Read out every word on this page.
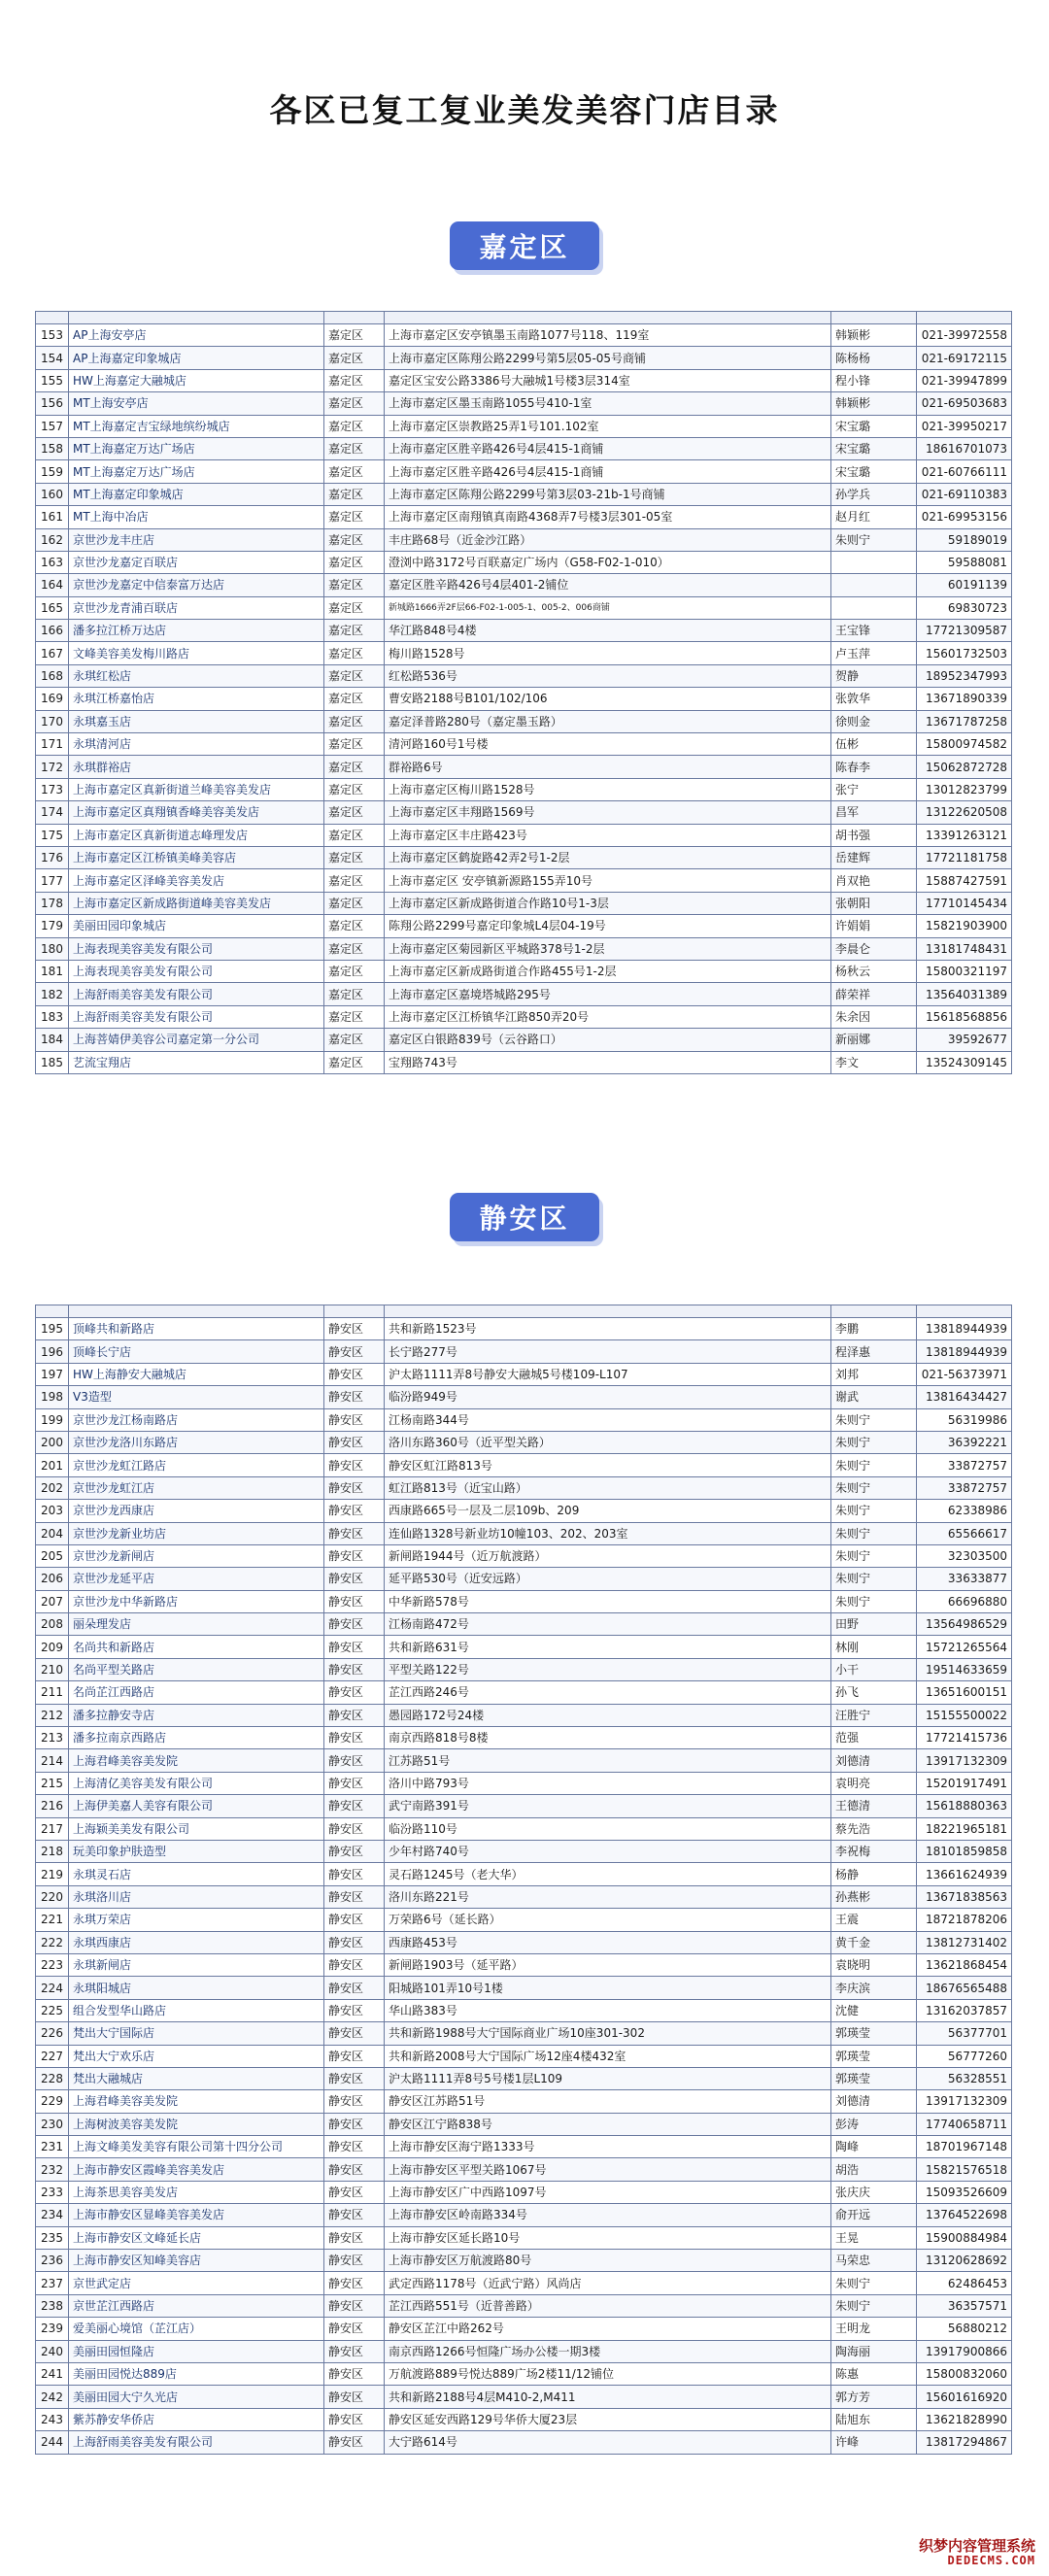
各区已复工复业美发美容门店目录
嘉定区

153	AP上海安亭店	嘉定区	上海市嘉定区安亭镇墨玉南路1077号118、119室	韩颖彬	021-39972558
154	AP上海嘉定印象城店	嘉定区	上海市嘉定区陈翔公路2299号第5层05-05号商铺	陈杨杨	021-69172115
155	HW上海嘉定大融城店	嘉定区	嘉定区宝安公路3386号大融城1号楼3层314室	程小锋	021-39947899
156	MT上海安亭店	嘉定区	上海市嘉定区墨玉南路1055号410-1室	韩颖彬	021-69503683
157	MT上海嘉定吉宝绿地缤纷城店	嘉定区	上海市嘉定区崇教路25弄1号101.102室	宋宝璐	021-39950217
158	MT上海嘉定万达广场店	嘉定区	上海市嘉定区胜辛路426号4层415-1商铺	宋宝璐	18616701073
159	MT上海嘉定万达广场店	嘉定区	上海市嘉定区胜辛路426号4层415-1商铺	宋宝璐	021-60766111
160	MT上海嘉定印象城店	嘉定区	上海市嘉定区陈翔公路2299号第3层03-21b-1号商铺	孙学兵	021-69110383
161	MT上海中冶店	嘉定区	上海市嘉定区南翔镇真南路4368弄7号楼3层301-05室	赵月红	021-69953156
162	京世沙龙丰庄店	嘉定区	丰庄路68号（近金沙江路）	朱则宁	59189019
163	京世沙龙嘉定百联店	嘉定区	澄浏中路3172号百联嘉定广场内（G58-F02-1-010）		59588081
164	京世沙龙嘉定中信泰富万达店	嘉定区	嘉定区胜辛路426号4层401-2铺位		60191139
165	京世沙龙青浦百联店	嘉定区	新城路1666弄2F层66-F02-1-005-1、005-2、006商铺		69830723
166	潘多拉江桥万达店	嘉定区	华江路848号4楼	王宝锋	17721309587
167	文峰美容美发梅川路店	嘉定区	梅川路1528号	卢玉萍	15601732503
168	永琪红松店	嘉定区	红松路536号	贺静	18952347993
169	永琪江桥嘉怡店	嘉定区	曹安路2188号B101/102/106	张敦华	13671890339
170	永琪嘉玉店	嘉定区	嘉定泽普路280号（嘉定墨玉路）	徐则金	13671787258
171	永琪清河店	嘉定区	清河路160号1号楼	伍彬	15800974582
172	永琪群裕店	嘉定区	群裕路6号	陈春李	15062872728
173	上海市嘉定区真新街道兰峰美容美发店	嘉定区	上海市嘉定区梅川路1528号	张宁	13012823799
174	上海市嘉定区真翔镇香峰美容美发店	嘉定区	上海市嘉定区丰翔路1569号	昌军	13122620508
175	上海市嘉定区真新街道志峰理发店	嘉定区	上海市嘉定区丰庄路423号	胡书强	13391263121
176	上海市嘉定区江桥镇美峰美容店	嘉定区	上海市嘉定区鹤旋路42弄2号1-2层	岳建辉	17721181758
177	上海市嘉定区泽峰美容美发店	嘉定区	上海市嘉定区 安亭镇新源路155弄10号	肖双艳	15887427591
178	上海市嘉定区新成路街道峰美容美发店	嘉定区	上海市嘉定区新成路街道合作路10号1-3层	张朝阳	17710145434
179	美丽田园印象城店	嘉定区	陈翔公路2299号嘉定印象城L4层04-19号	许娟娟	15821903900
180	上海表现美容美发有限公司	嘉定区	上海市嘉定区菊园新区平城路378号1-2层	李晨仑	13181748431
181	上海表现美容美发有限公司	嘉定区	上海市嘉定区新成路街道合作路455号1-2层	杨秋云	15800321197
182	上海舒雨美容美发有限公司	嘉定区	上海市嘉定区嘉境塔城路295号	薛荣祥	13564031389
183	上海舒雨美容美发有限公司	嘉定区	上海市嘉定区江桥镇华江路850弄20号	朱余因	15618568856
184	上海菩婧伊美容公司嘉定第一分公司	嘉定区	嘉定区白银路839号（云谷路口）	新丽娜	39592677
185	艺流宝翔店	嘉定区	宝翔路743号	李文	13524309145
静安区

195	顶峰共和新路店	静安区	共和新路1523号	李鹏	13818944939
196	顶峰长宁店	静安区	长宁路277号	程泽惠	13818944939
197	HW上海静安大融城店	静安区	沪太路1111弄8号静安大融城5号楼109-L107	刘邦	021-56373971
198	V3造型	静安区	临汾路949号	谢武	13816434427
199	京世沙龙江杨南路店	静安区	江杨南路344号	朱则宁	56319986
200	京世沙龙洛川东路店	静安区	洛川东路360号（近平型关路）	朱则宁	36392221
201	京世沙龙虹江路店	静安区	静安区虹江路813号	朱则宁	33872757
202	京世沙龙虹江店	静安区	虹江路813号（近宝山路）	朱则宁	33872757
203	京世沙龙西康店	静安区	西康路665号一层及二层109b、209	朱则宁	62338986
204	京世沙龙新业坊店	静安区	连仙路1328号新业坊10幢103、202、203室	朱则宁	65566617
205	京世沙龙新闸店	静安区	新闸路1944号（近万航渡路）	朱则宁	32303500
206	京世沙龙延平店	静安区	延平路530号（近安远路）	朱则宁	33633877
207	京世沙龙中华新路店	静安区	中华新路578号	朱则宁	66696880
208	丽朵理发店	静安区	江杨南路472号	田野	13564986529
209	名尚共和新路店	静安区	共和新路631号	林刚	15721265564
210	名尚平型关路店	静安区	平型关路122号	小干	19514633659
211	名尚芷江西路店	静安区	芷江西路246号	孙飞	13651600151
212	潘多拉静安寺店	静安区	愚园路172号24楼	汪胜宁	15155500022
213	潘多拉南京西路店	静安区	南京西路818号8楼	范强	17721415736
214	上海君峰美容美发院	静安区	江苏路51号	刘德清	13917132309
215	上海清亿美容美发有限公司	静安区	洛川中路793号	袁明亮	15201917491
216	上海伊美嘉人美容有限公司	静安区	武宁南路391号	王德清	15618880363
217	上海颖美美发有限公司	静安区	临汾路110号	蔡先浩	18221965181
218	玩美印象护肤造型	静安区	少年村路740号	李祝梅	18101859858
219	永琪灵石店	静安区	灵石路1245号（老大华）	杨静	13661624939
220	永琪洛川店	静安区	洛川东路221号	孙燕彬	13671838563
221	永琪万荣店	静安区	万荣路6号（延长路）	王震	18721878206
222	永琪西康店	静安区	西康路453号	黄千金	13812731402
223	永琪新闸店	静安区	新闸路1903号（延平路）	袁晓明	13621868454
224	永琪阳城店	静安区	阳城路101弄10号1楼	李庆滨	18676565488
225	组合发型华山路店	静安区	华山路383号	沈健	13162037857
226	梵出大宁国际店	静安区	共和新路1988号大宁国际商业广场10座301-302	郭瑛莹	56377701
227	梵出大宁欢乐店	静安区	共和新路2008号大宁国际广场12座4楼432室	郭瑛莹	56777260
228	梵出大融城店	静安区	沪太路1111弄8号5号楼1层L109	郭瑛莹	56328551
229	上海君峰美容美发院	静安区	静安区江苏路51号	刘德清	13917132309
230	上海树波美容美发院	静安区	静安区江宁路838号	彭涛	17740658711
231	上海文峰美发美容有限公司第十四分公司	静安区	上海市静安区海宁路1333号	陶峰	18701967148
232	上海市静安区霞峰美容美发店	静安区	上海市静安区平型关路1067号	胡浩	15821576518
233	上海茶思美容美发店	静安区	上海市静安区广中西路1097号	张庆庆	15093526609
234	上海市静安区显峰美容美发店	静安区	上海市静安区岭南路334号	俞开远	13764522698
235	上海市静安区文峰延长店	静安区	上海市静安区延长路10号	王晃	15900884984
236	上海市静安区知峰美容店	静安区	上海市静安区万航渡路80号	马荣忠	13120628692
237	京世武定店	静安区	武定西路1178号（近武宁路）风尚店	朱则宁	62486453
238	京世芷江西路店	静安区	芷江西路551号（近普善路）	朱则宁	36357571
239	爱美丽心境馆（芷江店）	静安区	静安区芷江中路262号	王明龙	56880212
240	美丽田园恒隆店	静安区	南京西路1266号恒隆广场办公楼一期3楼	陶海丽	13917900866
241	美丽田园悦达889店	静安区	万航渡路889号悦达889广场2楼11/12铺位	陈惠	15800832060
242	美丽田园大宁久光店	静安区	共和新路2188号4层M410-2,M411	郭方芳	15601616920
243	紫苏静安华侨店	静安区	静安区延安西路129号华侨大厦23层	陆旭东	13621828990
244	上海舒雨美容美发有限公司	静安区	大宁路614号	许峰	13817294867
织梦内容管理系统
DEDECMS.COM
